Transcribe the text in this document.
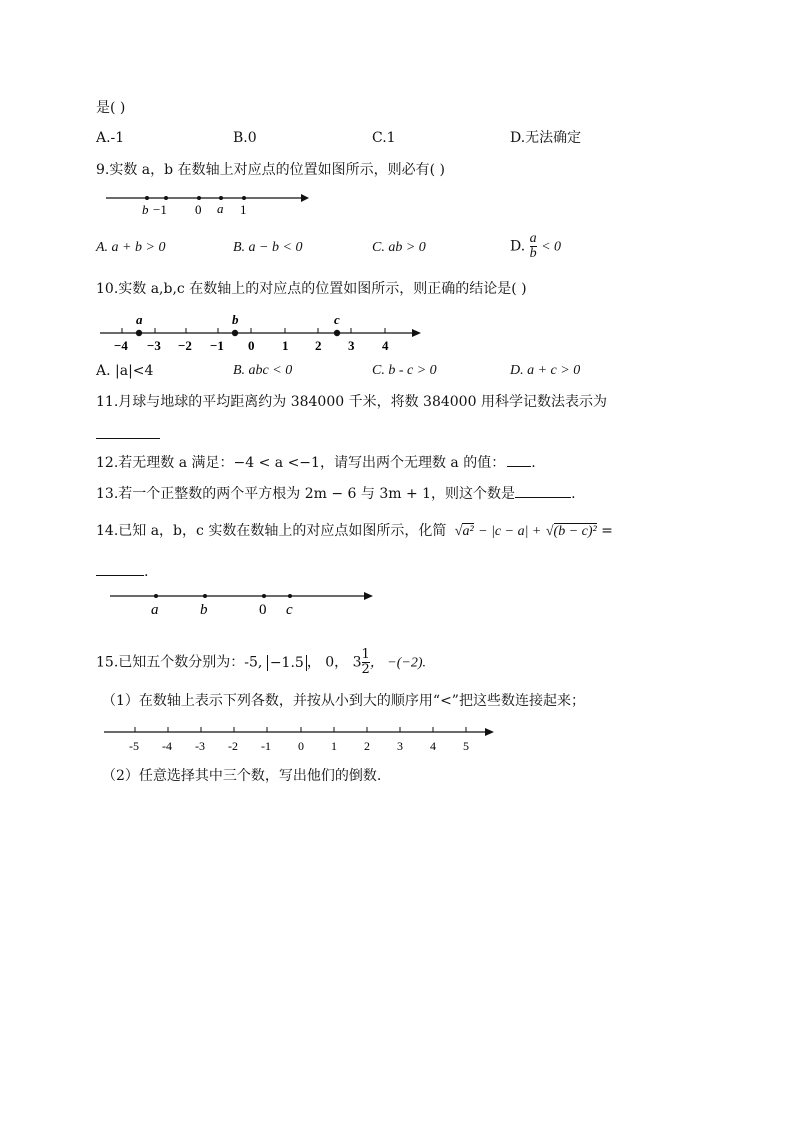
是( )
A.-1	B.0	C.1	D.无法确定
9.实数 a，b 在数轴上对应点的位置如图所示，则必有( )
b −1 0 a 1
A. a + b > 0	B. a − b < 0	C. ab > 0	D. $\frac{a}{b} < 0$
10.实数 a,b,c 在数轴上的对应点的位置如图所示，则正确的结论是( )
a	b	c
−4 −3 −2 −1 0 1 2 3 4
A. |a|<4	B. abc < 0	C. b - c > 0	D. a + c > 0
11.月球与地球的平均距离约为 384000 千米，将数 384000 用科学记数法表示为
12.若无理数 a 满足：−4 < a <−1，请写出两个无理数 a 的值： .
13.若一个正整数的两个平方根为 2m − 6 与 3m + 1，则这个数是	.
14.已知 a，b，c 实数在数轴上的对应点如图所示，化简 √a² − |c − a| + √(b − c)² =
.
a	b	0 c
15.已知五个数分别为：-5, −1.5 ， 0， $3 \frac{1}{2}$ ， −(−2).
（1）在数轴上表示下列各数，并按从小到大的顺序用“<”把这些数连接起来；
-5 -4 -3 -2 -1 0 1 2 3 4 5
（2）任意选择其中三个数，写出他们的倒数.
